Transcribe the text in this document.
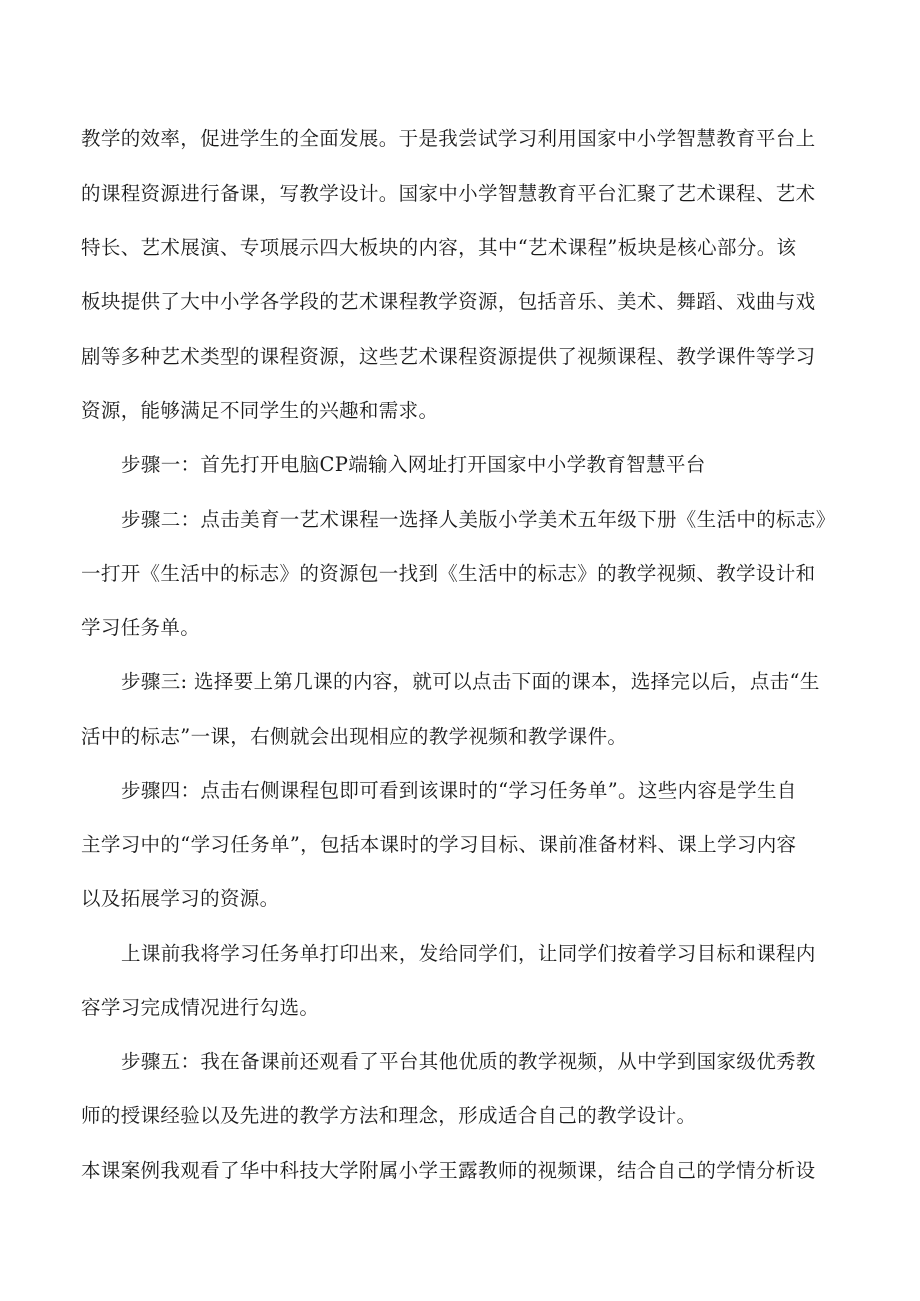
教学的效率，促进学生的全面发展。于是我尝试学习利用国家中小学智慧教育平台上
的课程资源进行备课，写教学设计。国家中小学智慧教育平台汇聚了艺术课程、艺术
特长、艺术展演、专项展示四大板块的内容，其中“艺术课程”板块是核心部分。该
板块提供了大中小学各学段的艺术课程教学资源，包括音乐、美术、舞蹈、戏曲与戏
剧等多种艺术类型的课程资源，这些艺术课程资源提供了视频课程、教学课件等学习
资源，能够满足不同学生的兴趣和需求。
步骤一：首先打开电脑CP端输入网址打开国家中小学教育智慧平台
步骤二：点击美育一艺术课程一选择人美版小学美术五年级下册《生活中的标志》
一打开《生活中的标志》的资源包一找到《生活中的标志》的教学视频、教学设计和
学习任务单。
步骤三: 选择要上第几课的内容，就可以点击下面的课本，选择完以后，点击“生
活中的标志”一课，右侧就会出现相应的教学视频和教学课件。
步骤四：点击右侧课程包即可看到该课时的“学习任务单”。这些内容是学生自
主学习中的“学习任务单”，包括本课时的学习目标、课前准备材料、课上学习内容
以及拓展学习的资源。
上课前我将学习任务单打印出来，发给同学们，让同学们按着学习目标和课程内
容学习完成情况进行勾选。
步骤五：我在备课前还观看了平台其他优质的教学视频，从中学到国家级优秀教
师的授课经验以及先进的教学方法和理念，形成适合自己的教学设计。
本课案例我观看了华中科技大学附属小学王露教师的视频课，结合自己的学情分析设
